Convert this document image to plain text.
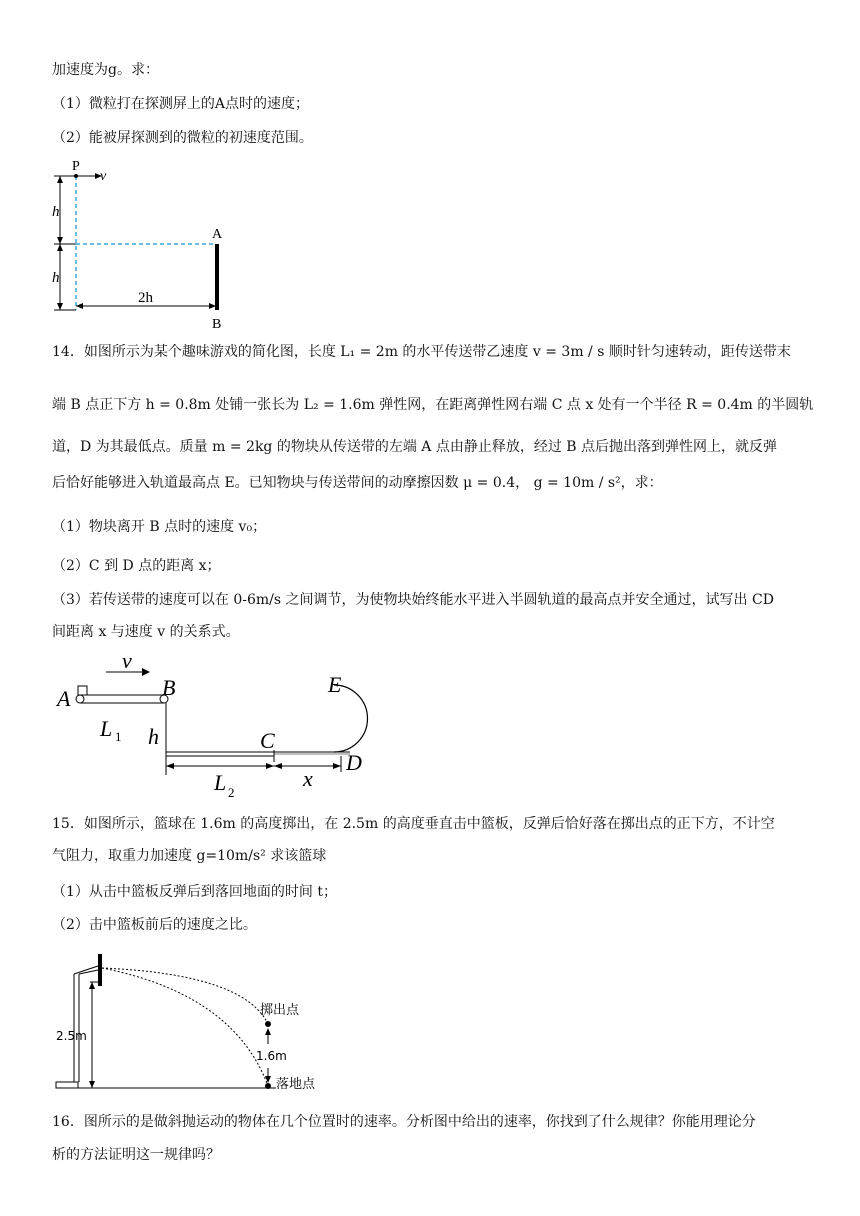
加速度为g。求：
（1）微粒打在探测屏上的A点时的速度；
（2）能被屏探测到的微粒的初速度范围。
P
v
h
h
A
B
2h
14．如图所示为某个趣味游戏的简化图，长度 L₁ = 2m 的水平传送带乙速度 v = 3m / s 顺时针匀速转动，距传送带末
端 B 点正下方 h = 0.8m 处铺一张长为 L₂ = 1.6m 弹性网，在距离弹性网右端 C 点 x 处有一个半径 R = 0.4m 的半圆轨
道，D 为其最低点。质量 m = 2kg 的物块从传送带的左端 A 点由静止释放，经过 B 点后抛出落到弹性网上，就反弹
后恰好能够进入轨道最高点 E。已知物块与传送带间的动摩擦因数 μ = 0.4， g = 10m / s²，求：
（1）物块离开 B 点时的速度 v₀；
（2）C 到 D 点的距离 x；
（3）若传送带的速度可以在 0-6m/s 之间调节，为使物块始终能水平进入半圆轨道的最高点并安全通过，试写出 CD
间距离 x 与速度 v 的关系式。
A	B
v
L 1 h	C
E
D
L 2
x
15．如图所示，篮球在 1.6m 的高度掷出，在 2.5m 的高度垂直击中篮板，反弹后恰好落在掷出点的正下方，不计空
气阻力，取重力加速度 g=10m/s² 求该篮球
（1）从击中篮板反弹后到落回地面的时间 t；
（2）击中篮板前后的速度之比。
2.5m
1.6m
掷出点
落地点
16．图所示的是做斜抛运动的物体在几个位置时的速率。分析图中给出的速率，你找到了什么规律？你能用理论分
析的方法证明这一规律吗？
